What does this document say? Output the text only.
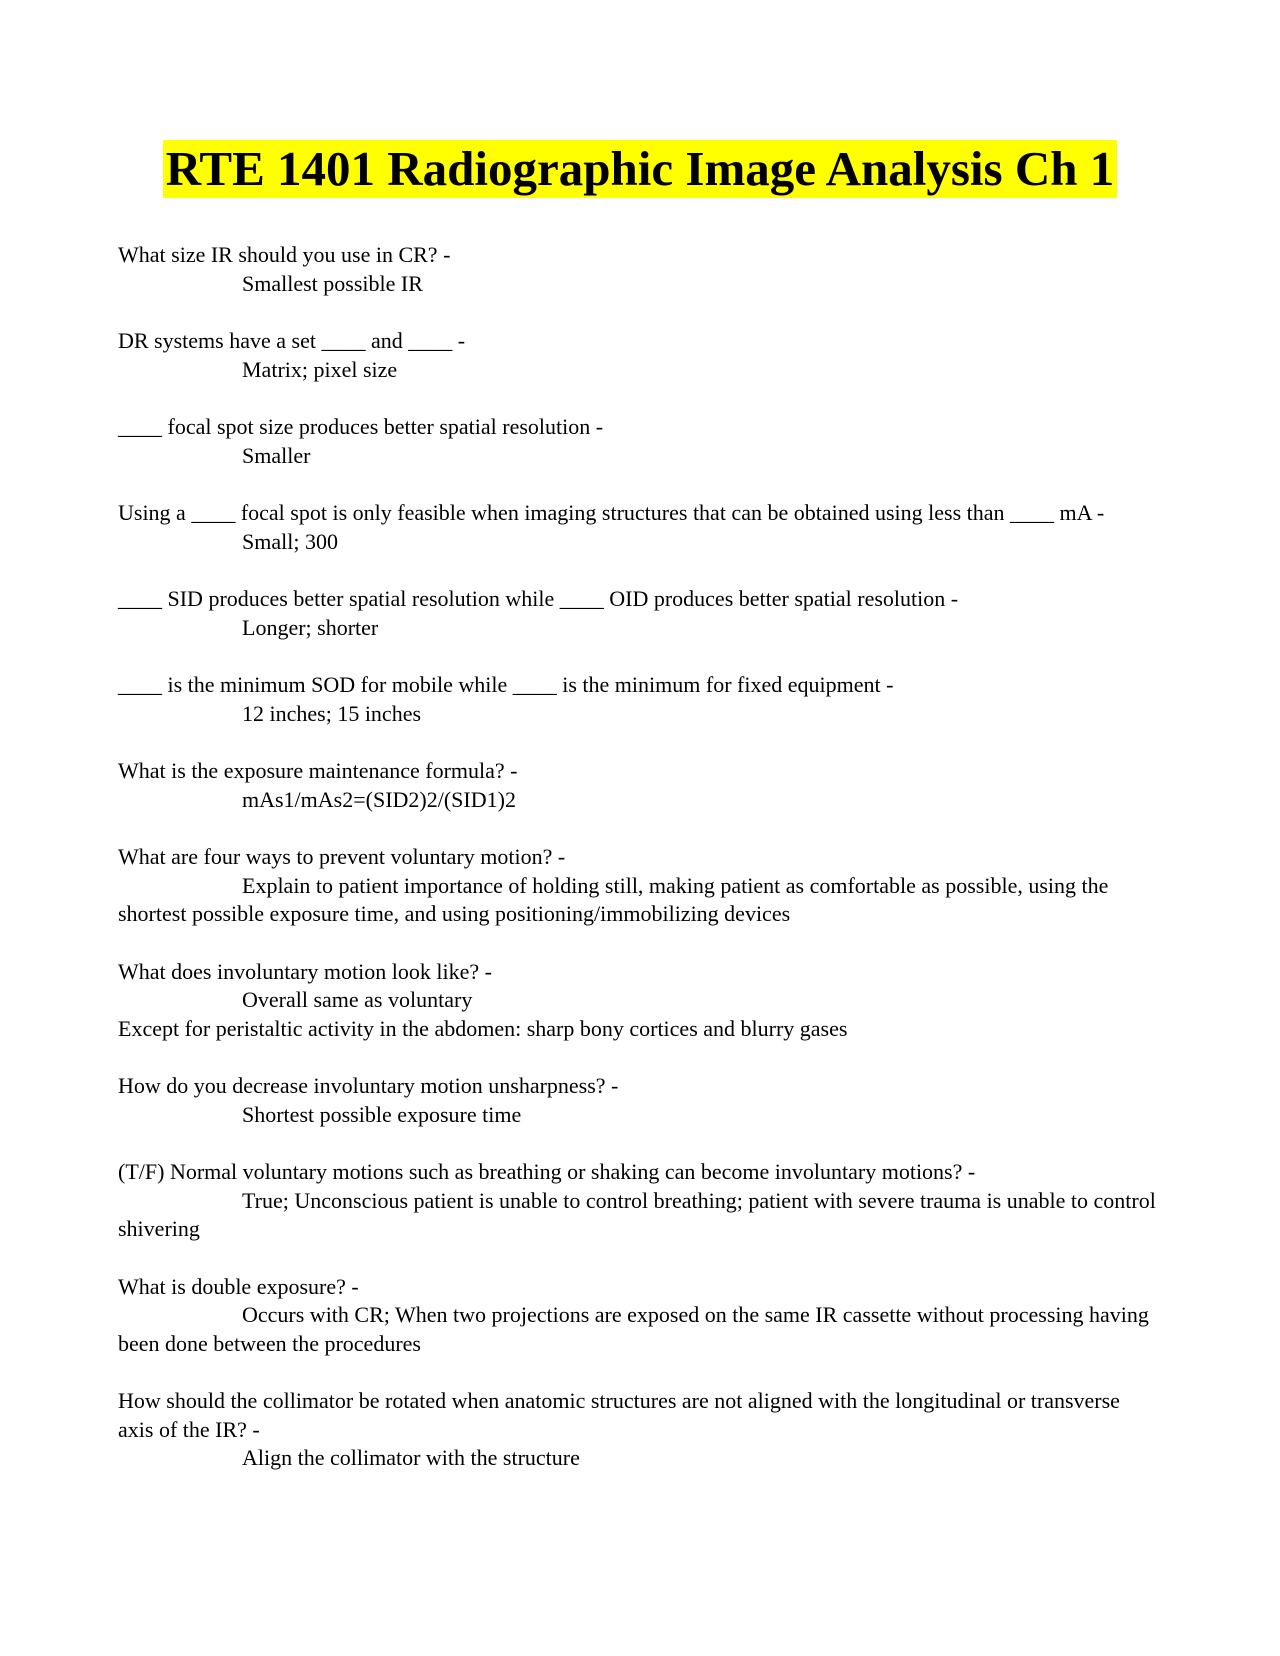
RTE 1401 Radiographic Image Analysis Ch 1

What size IR should you use in CR? -

Smallest possible IR

DR systems have a set ____ and ____ -

Matrix; pixel size

____ focal spot size produces better spatial resolution -

Smaller

Using a ____ focal spot is only feasible when imaging structures that can be obtained using less than ____ mA -

Small; 300

____ SID produces better spatial resolution while ____ OID produces better spatial resolution -

Longer; shorter

____ is the minimum SOD for mobile while ____ is the minimum for fixed equipment -

12 inches; 15 inches

What is the exposure maintenance formula? -

mAs1/mAs2=(SID2)2/(SID1)2

What are four ways to prevent voluntary motion? -

Explain to patient importance of holding still, making patient as comfortable as possible, using the shortest possible exposure time, and using positioning/immobilizing devices

What does involuntary motion look like? -

Overall same as voluntary

Except for peristaltic activity in the abdomen: sharp bony cortices and blurry gases

How do you decrease involuntary motion unsharpness? -

Shortest possible exposure time

(T/F) Normal voluntary motions such as breathing or shaking can become involuntary motions? -

True; Unconscious patient is unable to control breathing; patient with severe trauma is unable to control shivering

What is double exposure? -

Occurs with CR; When two projections are exposed on the same IR cassette without processing having been done between the procedures

How should the collimator be rotated when anatomic structures are not aligned with the longitudinal or transverse axis of the IR? -

Align the collimator with the structure
